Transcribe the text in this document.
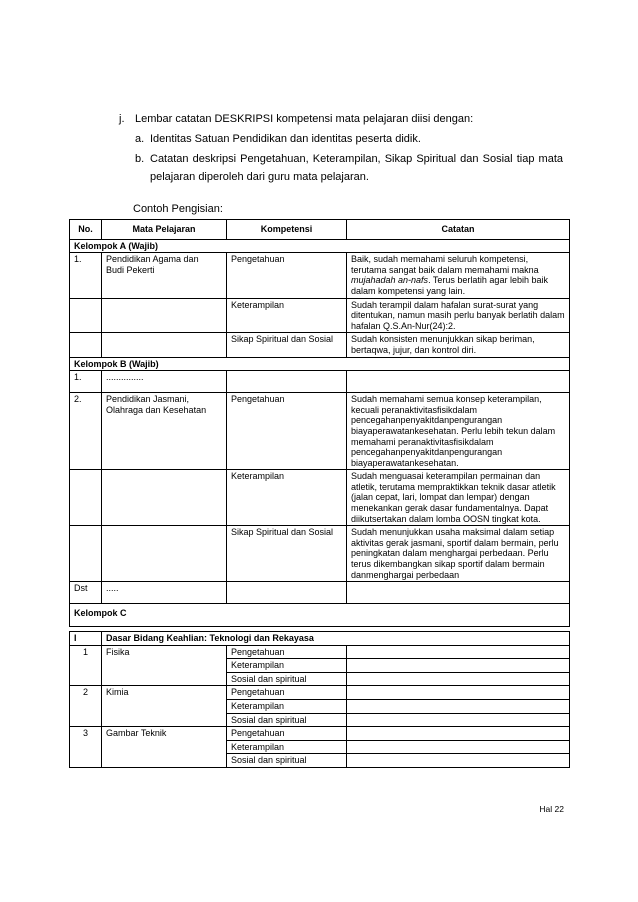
j. Lembar catatan DESKRIPSI kompetensi mata pelajaran diisi dengan:
a. Identitas Satuan Pendidikan dan identitas peserta didik.
b. Catatan deskripsi Pengetahuan, Keterampilan, Sikap Spiritual dan Sosial tiap mata
pelajaran diperoleh dari guru mata pelajaran.
Contoh Pengisian:
No.	Mata Pelajaran	Kompetensi	Catatan
Kelompok A (Wajib)			
1.	Pendidikan Agama dan
Budi Pekerti	Pengetahuan	Baik, sudah memahami seluruh kompetensi, terutama sangat baik dalam memahami makna mujahadah an-nafs. Terus berlatih agar lebih baik dalam kompetensi yang lain.
		Keterampilan	Sudah terampil dalam hafalan surat-surat yang ditentukan, namun masih perlu banyak berlatih dalam hafalan Q.S.An-Nur(24):2.
		Sikap Spiritual dan Sosial	Sudah konsisten menunjukkan sikap beriman, bertaqwa, jujur, dan kontrol diri.
Kelompok B (Wajib)			
1.	...............		
2.	Pendidikan Jasmani,
Olahraga dan Kesehatan	Pengetahuan	Sudah memahami semua konsep keterampilan, kecuali peranaktivitasfisikdalam pencegahanpenyakitdanpengurangan biayaperawatankesehatan. Perlu lebih tekun dalam memahami peranaktivitasfisikdalam pencegahanpenyakitdanpengurangan biayaperawatankesehatan.
		Keterampilan	Sudah menguasai keterampilan permainan dan atletik, terutama mempraktikkan teknik dasar atletik (jalan cepat, lari, lompat dan lempar) dengan menekankan gerak dasar fundamentalnya. Dapat diikutsertakan dalam lomba OOSN tingkat kota.
		Sikap Spiritual dan Sosial	Sudah menunjukkan usaha maksimal dalam setiap aktivitas gerak jasmani, sportif dalam bermain, perlu peningkatan dalam menghargai perbedaan. Perlu terus dikembangkan sikap sportif dalam bermain danmenghargai perbedaan
Dst	.....		
Kelompok C			
I	Dasar Bidang Keahlian: Teknologi dan Rekayasa		
1	Fisika	Pengetahuan	
		Keterampilan	
		Sosial dan spiritual	
2	Kimia	Pengetahuan	
		Keterampilan	
		Sosial dan spiritual	
3	Gambar Teknik	Pengetahuan	
		Keterampilan	
		Sosial dan spiritual	
Hal 22
